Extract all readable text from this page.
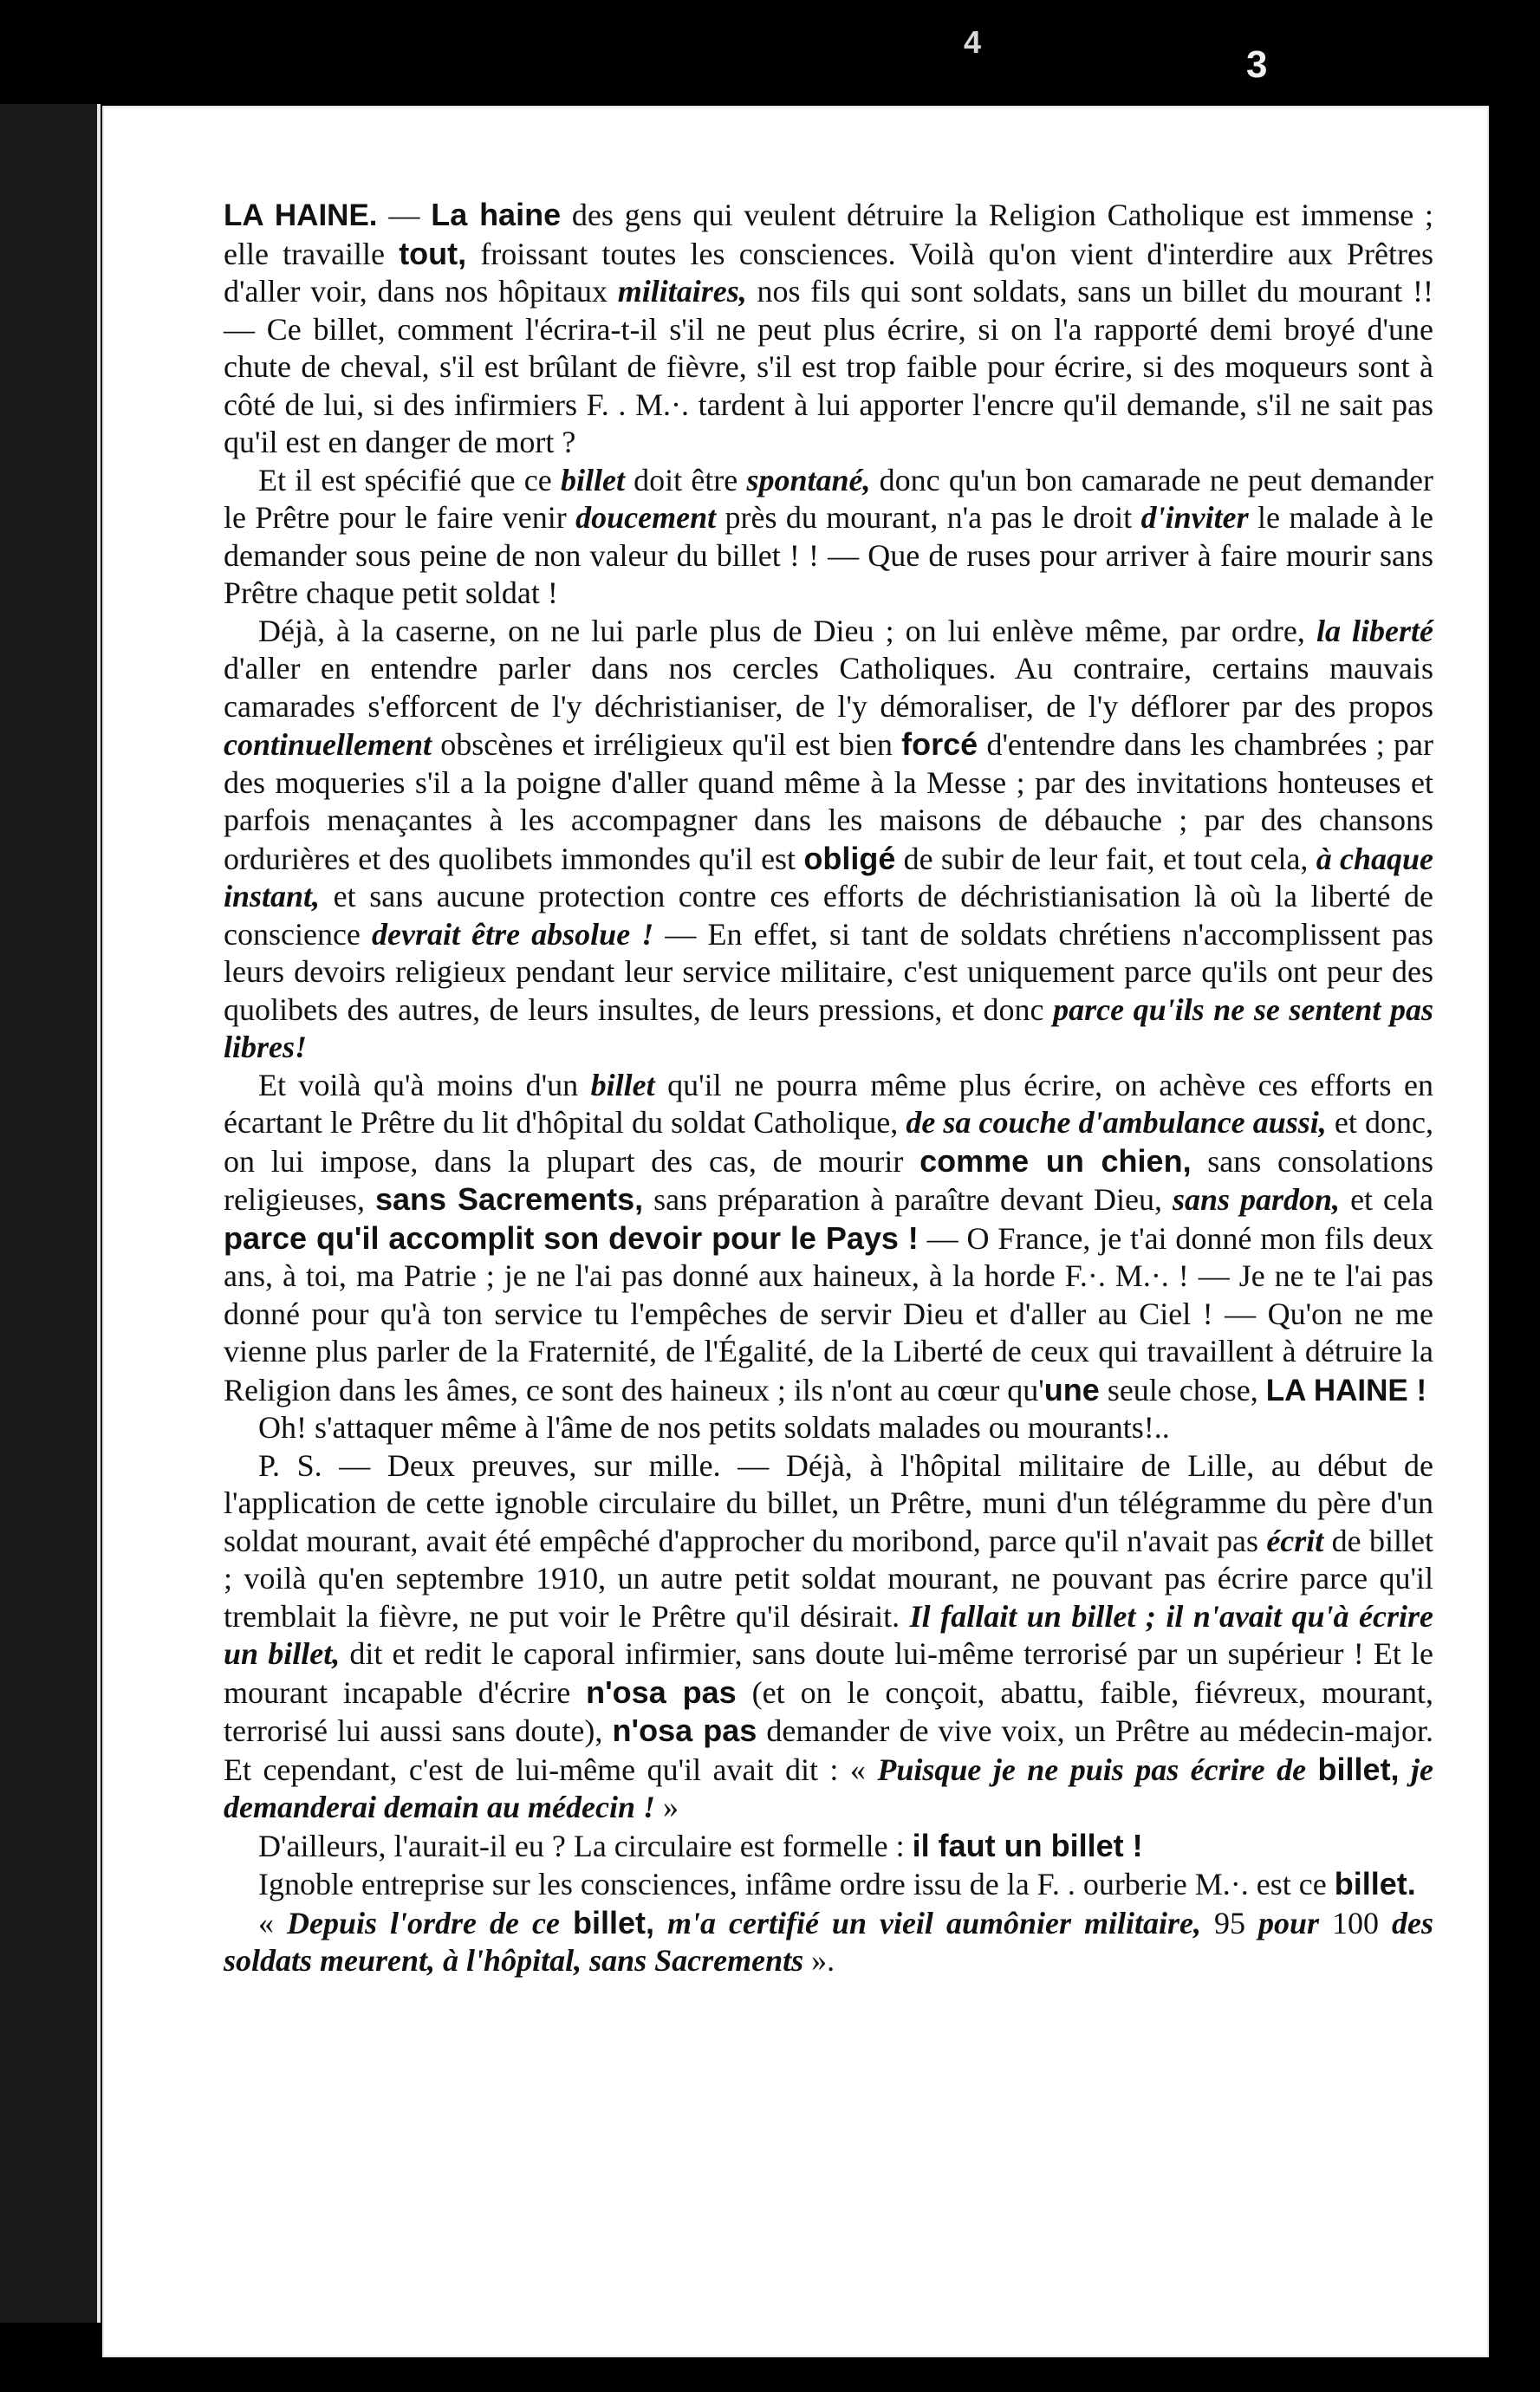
4
3

LA HAINE. — La haine des gens qui veulent détruire la Religion Catholique est immense ; elle travaille tout, froissant toutes les consciences. Voilà qu'on vient d'interdire aux Prêtres d'aller voir, dans nos hôpitaux militaires, nos fils qui sont soldats, sans un billet du mourant !! — Ce billet, comment l'écrira-t-il s'il ne peut plus écrire, si on l'a rapporté demi broyé d'une chute de cheval, s'il est brûlant de fièvre, s'il est trop faible pour écrire, si des moqueurs sont à côté de lui, si des infirmiers F. . M.·. tardent à lui apporter l'encre qu'il demande, s'il ne sait pas qu'il est en danger de mort ?

Et il est spécifié que ce billet doit être spontané, donc qu'un bon camarade ne peut demander le Prêtre pour le faire venir doucement près du mourant, n'a pas le droit d'inviter le malade à le demander sous peine de non valeur du billet ! ! — Que de ruses pour arriver à faire mourir sans Prêtre chaque petit soldat !

Déjà, à la caserne, on ne lui parle plus de Dieu ; on lui enlève même, par ordre, la liberté d'aller en entendre parler dans nos cercles Catholiques. Au contraire, certains mauvais camarades s'efforcent de l'y déchristianiser, de l'y démoraliser, de l'y déflorer par des propos continuellement obscènes et irréligieux qu'il est bien forcé d'entendre dans les chambrées ; par des moqueries s'il a la poigne d'aller quand même à la Messe ; par des invitations honteuses et parfois menaçantes à les accompagner dans les maisons de débauche ; par des chansons ordurières et des quolibets immondes qu'il est obligé de subir de leur fait, et tout cela, à chaque instant, et sans aucune protection contre ces efforts de déchristianisation là où la liberté de conscience devrait être absolue ! — En effet, si tant de soldats chrétiens n'accomplissent pas leurs devoirs religieux pendant leur service militaire, c'est uniquement parce qu'ils ont peur des quolibets des autres, de leurs insultes, de leurs pressions, et donc parce qu'ils ne se sentent pas libres!

Et voilà qu'à moins d'un billet qu'il ne pourra même plus écrire, on achève ces efforts en écartant le Prêtre du lit d'hôpital du soldat Catholique, de sa couche d'ambulance aussi, et donc, on lui impose, dans la plupart des cas, de mourir comme un chien, sans consolations religieuses, sans Sacrements, sans préparation à paraître devant Dieu, sans pardon, et cela parce qu'il accomplit son devoir pour le Pays ! — O France, je t'ai donné mon fils deux ans, à toi, ma Patrie ; je ne l'ai pas donné aux haineux, à la horde F.·. M.·. ! — Je ne te l'ai pas donné pour qu'à ton service tu l'empêches de servir Dieu et d'aller au Ciel ! — Qu'on ne me vienne plus parler de la Fraternité, de l'Égalité, de la Liberté de ceux qui travaillent à détruire la Religion dans les âmes, ce sont des haineux ; ils n'ont au cœur qu'une seule chose, LA HAINE !

Oh! s'attaquer même à l'âme de nos petits soldats malades ou mourants!..

P. S. — Deux preuves, sur mille. — Déjà, à l'hôpital militaire de Lille, au début de l'application de cette ignoble circulaire du billet, un Prêtre, muni d'un télégramme du père d'un soldat mourant, avait été empêché d'approcher du moribond, parce qu'il n'avait pas écrit de billet ; voilà qu'en septembre 1910, un autre petit soldat mourant, ne pouvant pas écrire parce qu'il tremblait la fièvre, ne put voir le Prêtre qu'il désirait. Il fallait un billet ; il n'avait qu'à écrire un billet, dit et redit le caporal infirmier, sans doute lui-même terrorisé par un supérieur ! Et le mourant incapable d'écrire n'osa pas (et on le conçoit, abattu, faible, fiévreux, mourant, terrorisé lui aussi sans doute), n'osa pas demander de vive voix, un Prêtre au médecin-major. Et cependant, c'est de lui-même qu'il avait dit : « Puisque je ne puis pas écrire de billet, je demanderai demain au médecin ! »

D'ailleurs, l'aurait-il eu ? La circulaire est formelle : il faut un billet !

Ignoble entreprise sur les consciences, infâme ordre issu de la F. . ourberie M.·. est ce billet.

« Depuis l'ordre de ce billet, m'a certifié un vieil aumônier militaire, 95 pour 100 des soldats meurent, à l'hôpital, sans Sacrements ».
